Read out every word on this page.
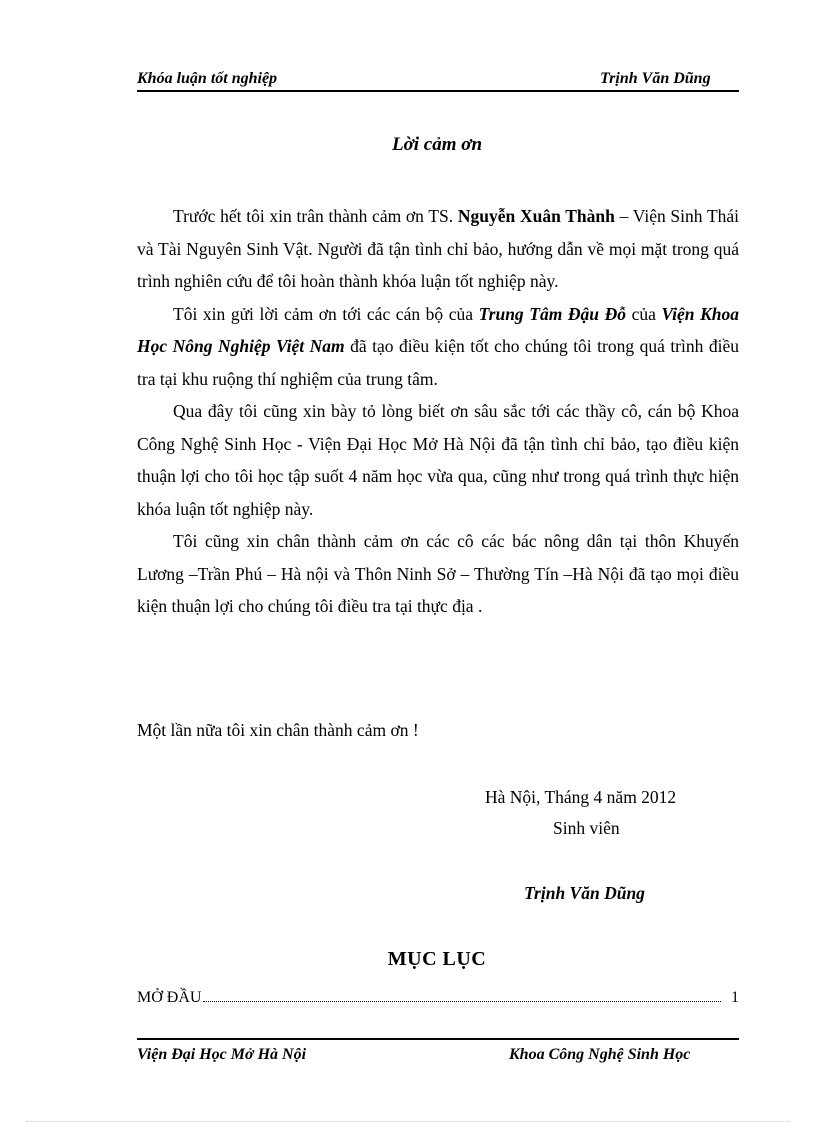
Khóa luận tốt nghiệp	Trịnh Văn Dũng
Lời cảm ơn

Trước hết tôi xin trân thành cảm ơn TS. Nguyễn Xuân Thành – Viện Sinh Thái và Tài Nguyên Sinh Vật. Người đã tận tình chỉ bảo, hướng dẫn về mọi mặt trong quá trình nghiên cứu để tôi hoàn thành khóa luận tốt nghiệp này.

Tôi xin gửi lời cảm ơn tới các cán bộ của Trung Tâm Đậu Đỗ của Viện Khoa Học Nông Nghiệp Việt Nam đã tạo điều kiện tốt cho chúng tôi trong quá trình điều tra tại khu ruộng thí nghiệm của trung tâm.

Qua đây tôi cũng xin bày tỏ lòng biết ơn sâu sắc tới các thầy cô, cán bộ Khoa Công Nghệ Sinh Học - Viện Đại Học Mở Hà Nội đã tận tình chỉ bảo, tạo điều kiện thuận lợi cho tôi học tập suốt 4 năm học vừa qua, cũng như trong quá trình thực hiện khóa luận tốt nghiệp này.

Tôi cũng xin chân thành cảm ơn các cô các bác nông dân tại thôn Khuyến Lương –Trần Phú – Hà nội và Thôn Ninh Sở – Thường Tín –Hà Nội đã tạo mọi điều kiện thuận lợi cho chúng tôi điều tra tại thực địa .

Một lần nữa tôi xin chân thành cảm ơn !
Hà Nội, Tháng 4 năm 2012
Sinh viên
Trịnh Văn Dũng
MỤC LỤC
MỞ ĐẦU	1
Viện Đại Học Mở Hà Nội	Khoa Công Nghệ Sinh Học
